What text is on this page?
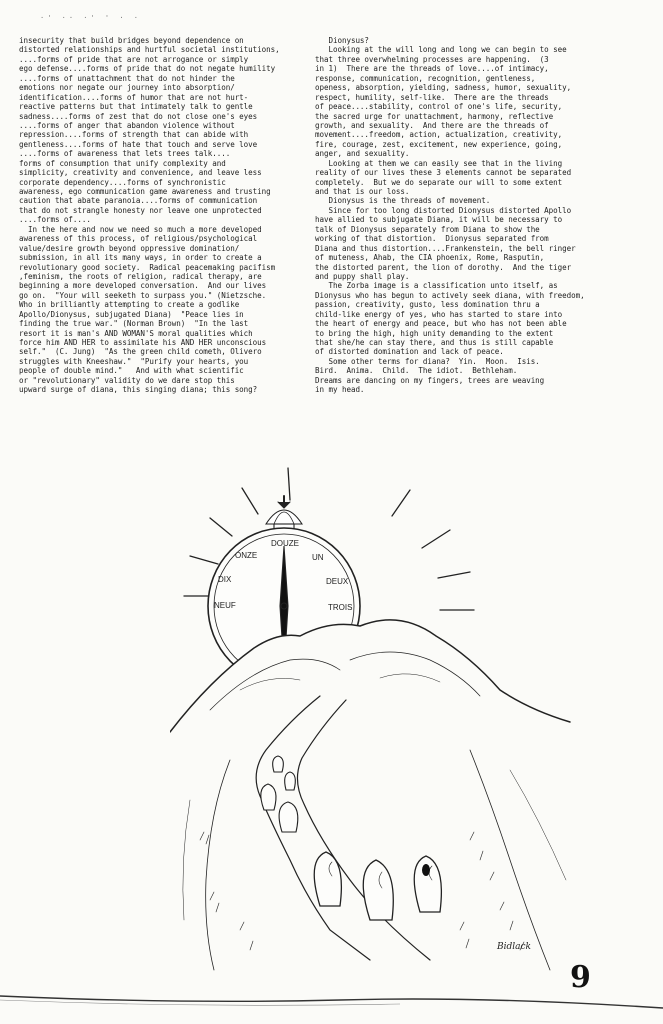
·' ·· ·' ' · ·
insecurity that build bridges beyond dependence on
distorted relationships and hurtful societal institutions,
....forms of pride that are not arrogance or simply
ego defense....forms of pride that do not negate humility
....forms of unattachment that do not hinder the
emotions nor negate our journey into absorption/
identification....forms of humor that are not hurt-
reactive patterns but that intimately talk to gentle
sadness....forms of zest that do not close one's eyes
....forms of anger that abandon violence without
repression....forms of strength that can abide with
gentleness....forms of hate that touch and serve love
....forms of awareness that lets trees talk....
forms of consumption that unify complexity and
simplicity, creativity and convenience, and leave less
corporate dependency....forms of synchronistic
awareness, ego communication game awareness and trusting
caution that abate paranoia....forms of communication
that do not strangle honesty nor leave one unprotected
....forms of....
In the here and now we need so much a more developed
awareness of this process, of religious/psychological
value/desire growth beyond oppressive domination/
submission, in all its many ways, in order to create a
revolutionary good society.  Radical peacemaking pacifism
,feminism, the roots of religion, radical therapy, are
beginning a more developed conversation.  And our lives
go on.  "Your will seeketh to surpass you." (Nietzsche.
Who in brilliantly attempting to create a godlike
Apollo/Dionysus, subjugated Diana)  "Peace lies in
finding the true war." (Norman Brown)  "In the last
resort it is man's AND WOMAN'S moral qualities which
force him AND HER to assimilate his AND HER unconscious
self."  (C. Jung)  "As the green child cometh, Olivero
struggles with Kneeshaw."  "Purify your hearts, you
people of double mind."   And with what scientific
or "revolutionary" validity do we dare stop this
upward surge of diana, this singing diana; this song?
Dionysus?
Looking at the will long and long we can begin to see
that three overwhelming processes are happening.  (3
in 1)  There are the threads of love....of intimacy,
response, communication, recognition, gentleness,
openess, absorption, yielding, sadness, humor, sexuality,
respect, humility, self-like.  There are the threads
of peace....stability, control of one's life, security,
the sacred urge for unattachment, harmony, reflective
growth, and sexuality.  And there are the threads of
movement....freedom, action, actualization, creativity,
fire, courage, zest, excitement, new experience, going,
anger, and sexuality.
Looking at them we can easily see that in the living
reality of our lives these 3 elements cannot be separated
completely.  But we do separate our will to some extent
and that is our loss.
Dionysus is the threads of movement.
Since for too long distorted Dionysus distorted Apollo
have allied to subjugate Diana, it will be necessary to
talk of Dionysus separately from Diana to show the
working of that distortion.  Dionysus separated from
Diana and thus distortion....Frankenstein, the bell ringer
of muteness, Ahab, the CIA phoenix, Rome, Rasputin,
the distorted parent, the lion of dorothy.  And the tiger
and puppy shall play.
The Zorba image is a classification unto itself, as
Dionysus who has begun to actively seek diana, with freedom,
passion, creativity, gusto, less domination thru a
child-like energy of yes, who has started to stare into
the heart of energy and peace, but who has not been able
to bring the high, high unity demanding to the extent
that she/he can stay there, and thus is still capable
of distorted domination and lack of peace.
Some other terms for diana?  Yin.  Moon.  Isis.
Bird.  Anima.  Child.  The idiot.  Bethleham.
Dreams are dancing on my fingers, trees are weaving
in my head.
DOUZE
ONZE	UN
DIX	DEUX
NEUF	TROIS
Bidlack
9
